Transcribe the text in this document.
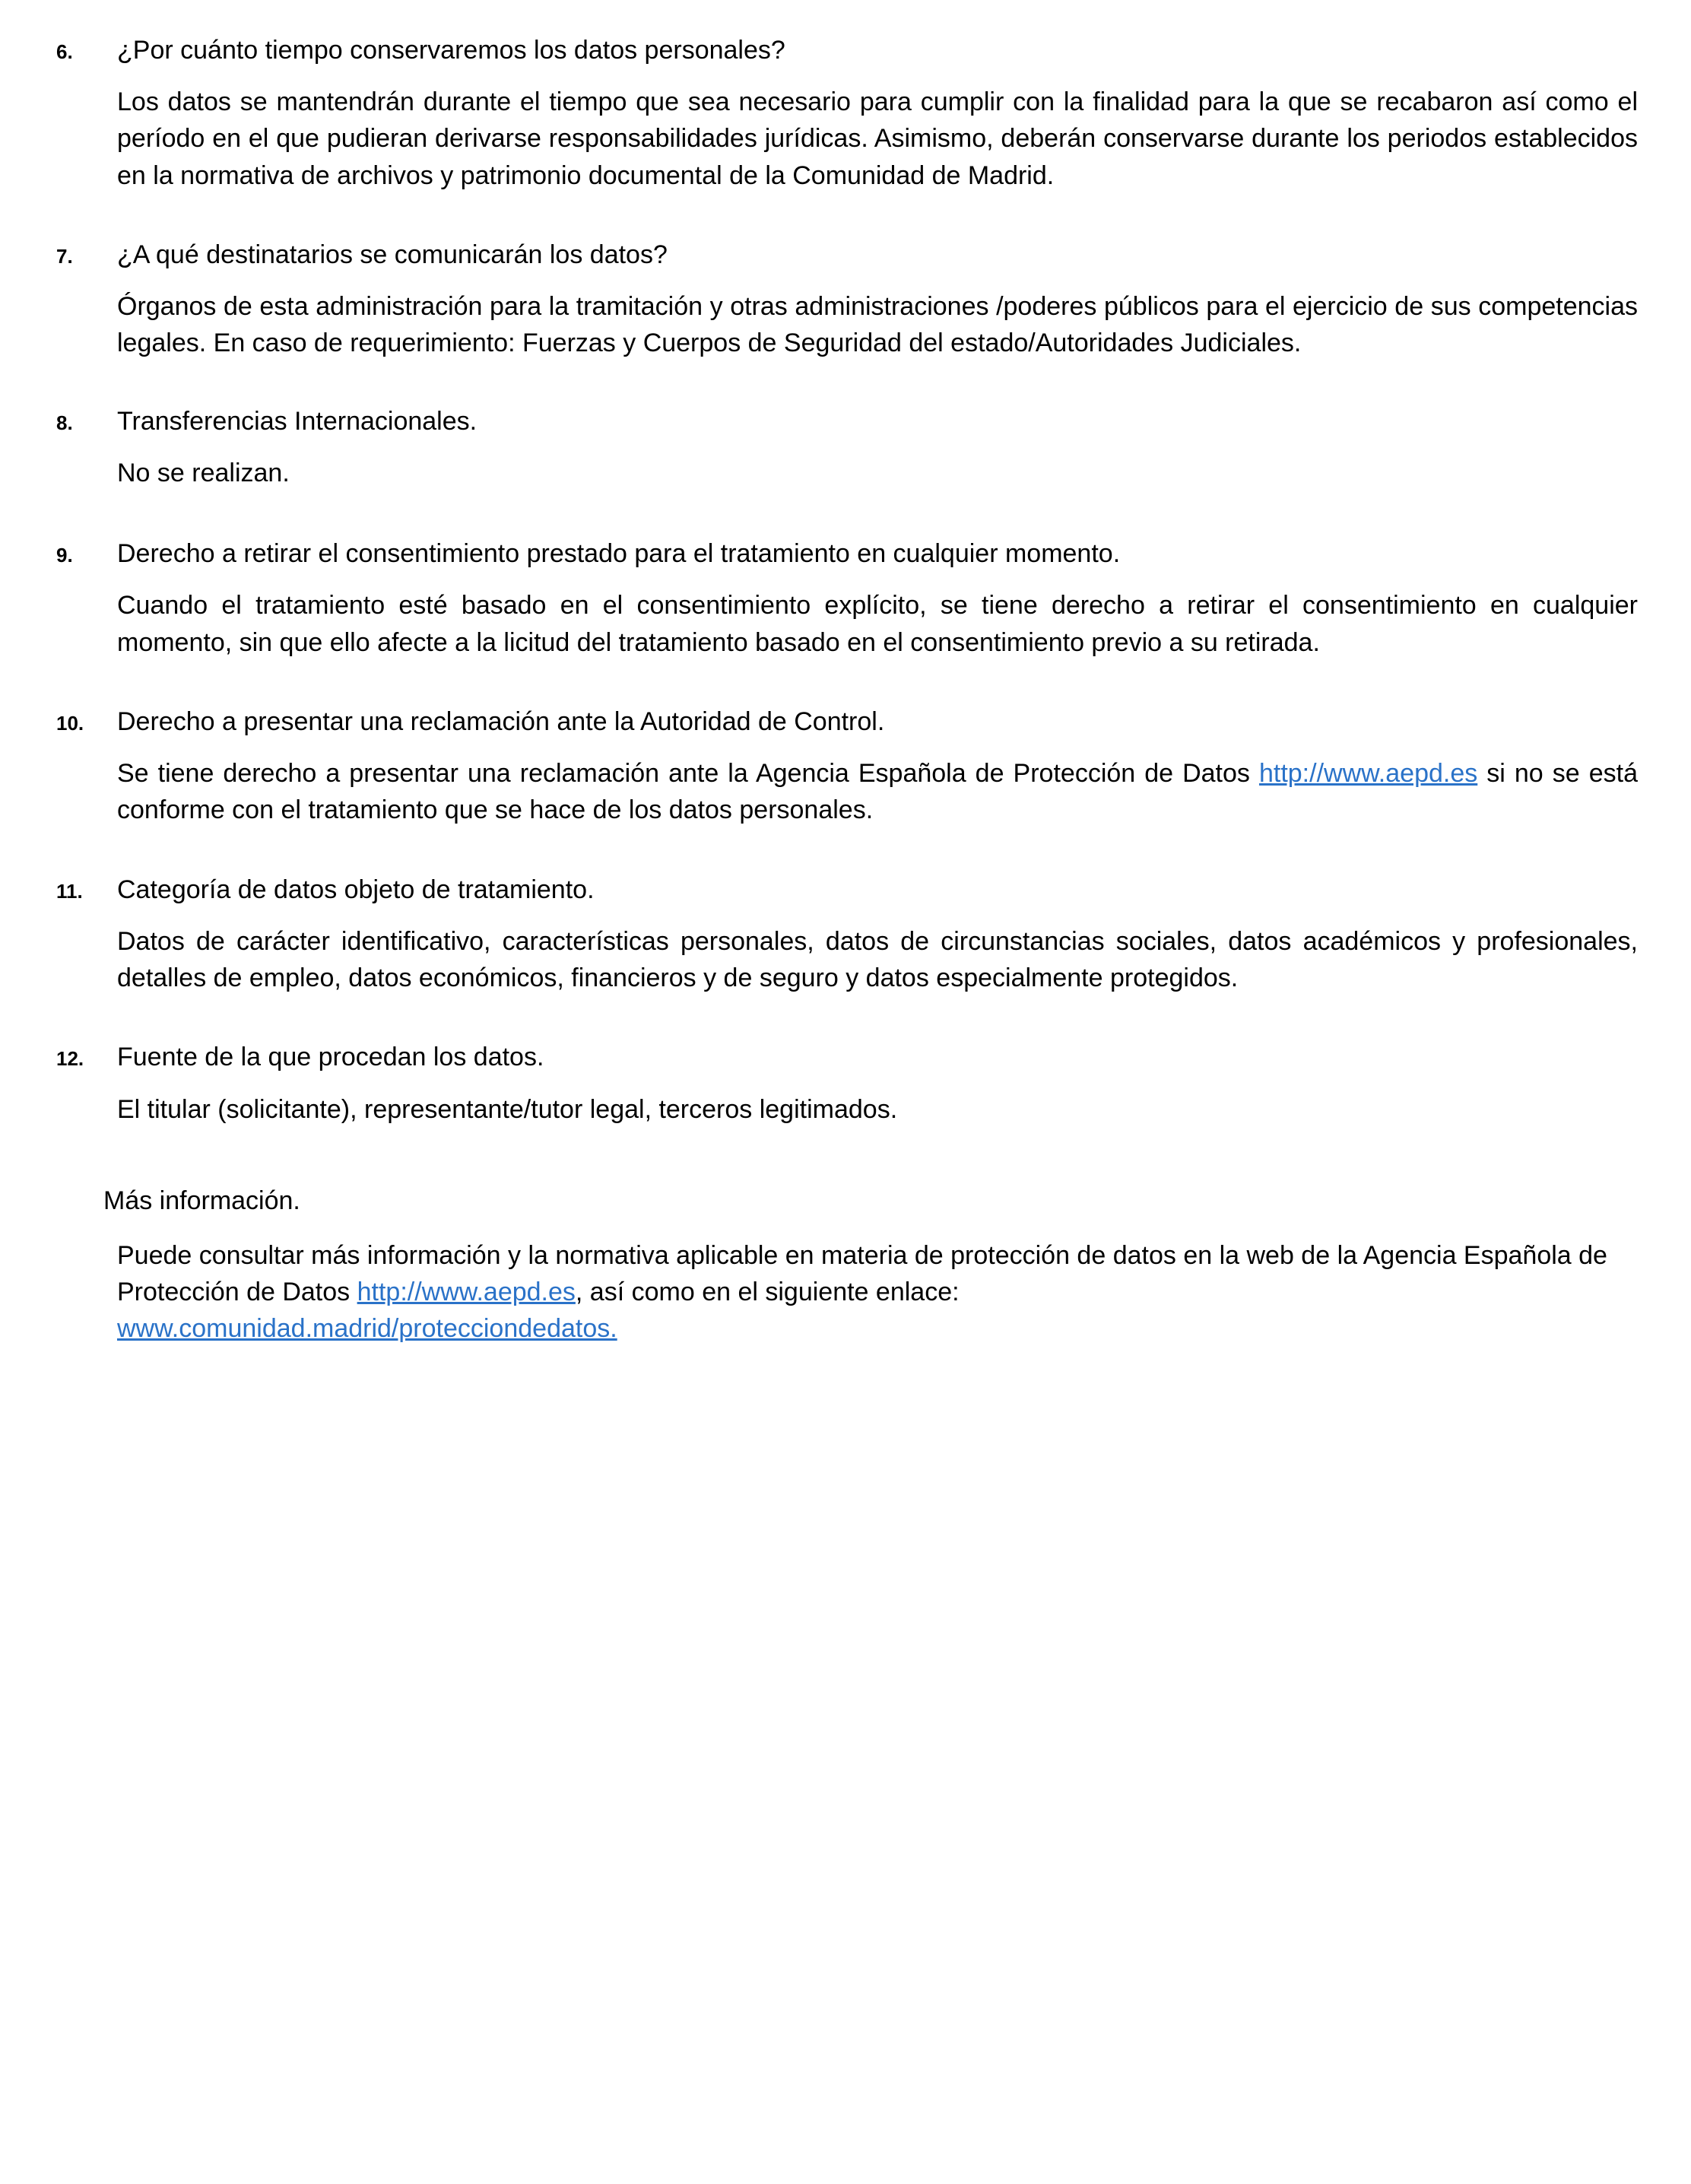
6.	¿Por cuánto tiempo conservaremos los datos personales?
Los datos se mantendrán durante el tiempo que sea necesario para cumplir con la finalidad para la que se recabaron así como el período en el que pudieran derivarse responsabilidades jurídicas. Asimismo, deberán conservarse durante los periodos establecidos en la normativa de archivos y patrimonio documental de la Comunidad de Madrid.
7.	¿A qué destinatarios se comunicarán los datos?
Órganos de esta administración para la tramitación y otras administraciones /poderes públicos para el ejercicio de sus competencias legales. En caso de requerimiento: Fuerzas y Cuerpos de Seguridad del estado/Autoridades Judiciales.
8.	Transferencias Internacionales.
No se realizan.
9.	Derecho a retirar el consentimiento prestado para el tratamiento en cualquier momento.
Cuando el tratamiento esté basado en el consentimiento explícito, se tiene derecho a retirar el consentimiento en cualquier momento, sin que ello afecte a la licitud del tratamiento basado en el consentimiento previo a su retirada.
10.	Derecho a presentar una reclamación ante la Autoridad de Control.
Se tiene derecho a presentar una reclamación ante la Agencia Española de Protección de Datos http://www.aepd.es si no se está conforme con el tratamiento que se hace de los datos personales.
11.	Categoría de datos objeto de tratamiento.
Datos de carácter identificativo, características personales, datos de circunstancias sociales, datos académicos y profesionales, detalles de empleo, datos económicos, financieros y de seguro y datos especialmente protegidos.
12.	Fuente de la que procedan los datos.
El titular (solicitante), representante/tutor legal, terceros legitimados.
Más información.
Puede consultar más información y la normativa aplicable en materia de protección de datos en la web de la Agencia Española de Protección de Datos http://www.aepd.es, así como en el siguiente enlace:
www.comunidad.madrid/protecciondedatos.
